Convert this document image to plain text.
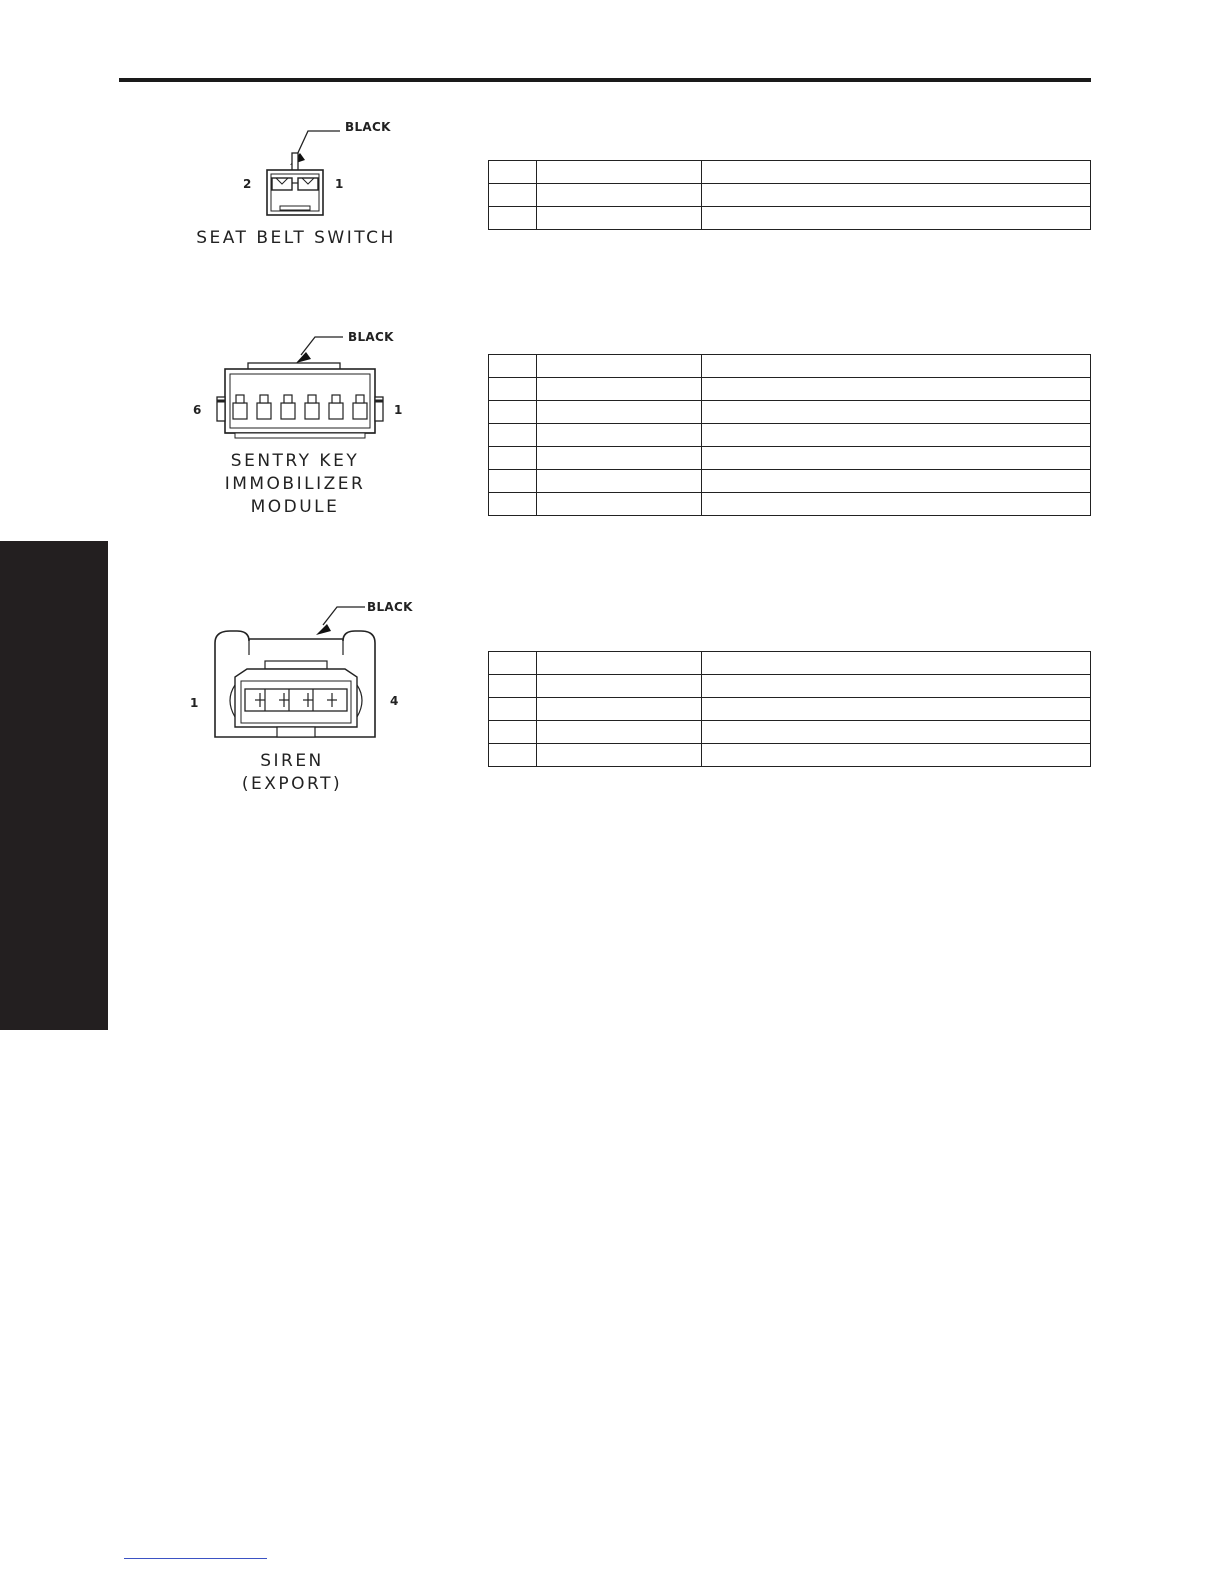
BLACK
2	1
SEAT BELT SWITCH

BLACK
6	1
SENTRY KEY
IMMOBILIZER
MODULE

BLACK
1	4
SIREN
(EXPORT)
